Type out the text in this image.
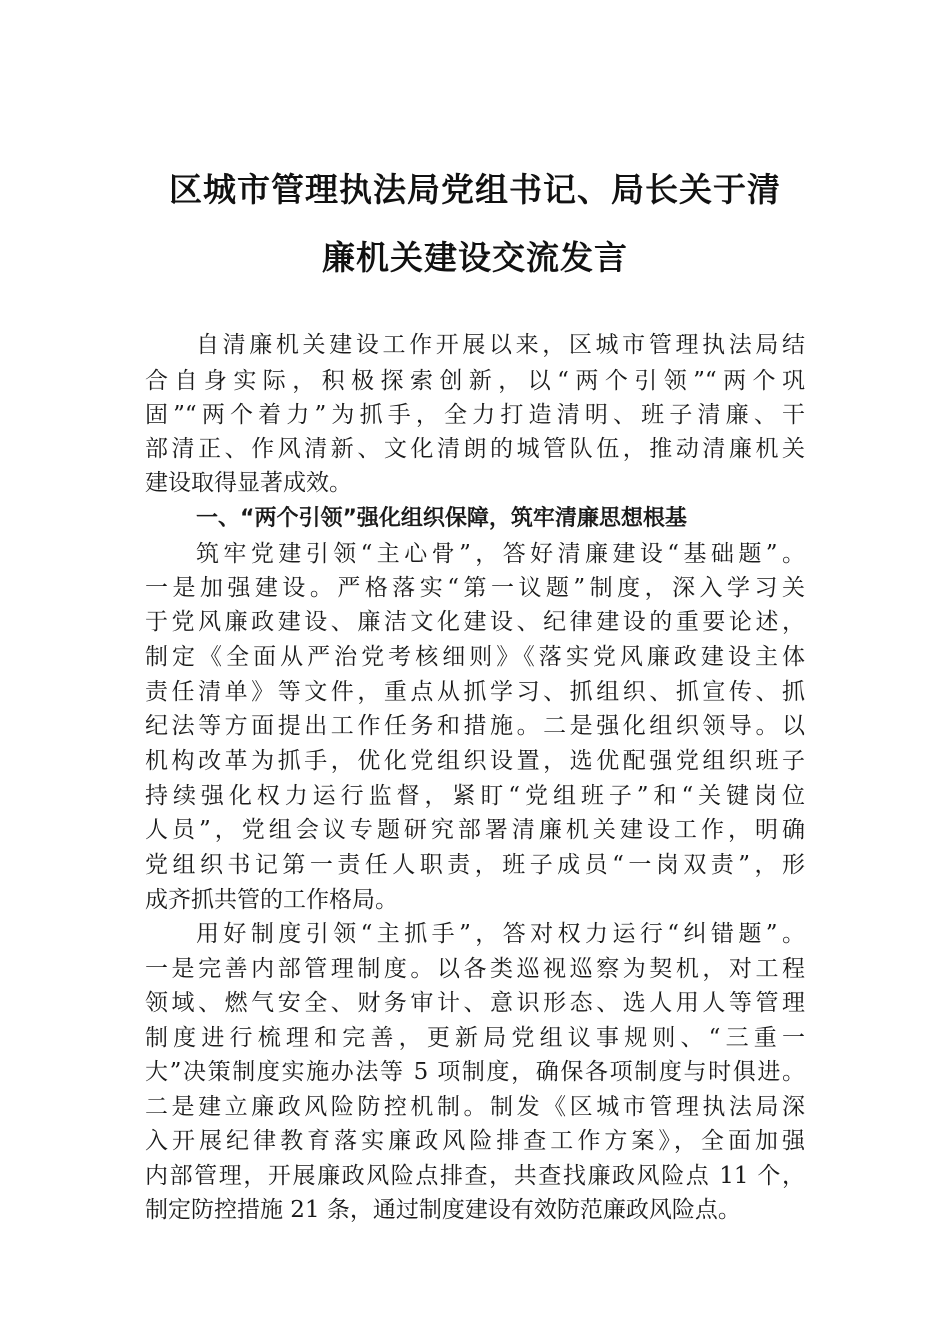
区城市管理执法局党组书记、局长关于清
廉机关建设交流发言
自清廉机关建设工作开展以来，区城市管理执法局结
合自身实际，积极探索创新，以“两个引领”“两个巩
固”“两个着力”为抓手，全力打造清明、班子清廉、干
部清正、作风清新、文化清朗的城管队伍，推动清廉机关
建设取得显著成效。
一、“两个引领”强化组织保障，筑牢清廉思想根基
筑牢党建引领“主心骨”，答好清廉建设“基础题”。
一是加强建设。严格落实“第一议题”制度，深入学习关
于党风廉政建设、廉洁文化建设、纪律建设的重要论述，
制定《全面从严治党考核细则》《落实党风廉政建设主体
责任清单》等文件，重点从抓学习、抓组织、抓宣传、抓
纪法等方面提出工作任务和措施。二是强化组织领导。以
机构改革为抓手，优化党组织设置，选优配强党组织班子
持续强化权力运行监督，紧盯“党组班子”和“关键岗位
人员”，党组会议专题研究部署清廉机关建设工作，明确
党组织书记第一责任人职责，班子成员“一岗双责”，形
成齐抓共管的工作格局。
用好制度引领“主抓手”，答对权力运行“纠错题”。
一是完善内部管理制度。以各类巡视巡察为契机，对工程
领域、燃气安全、财务审计、意识形态、选人用人等管理
制度进行梳理和完善，更新局党组议事规则、“三重一
大”决策制度实施办法等 5 项制度，确保各项制度与时俱进。
二是建立廉政风险防控机制。制发《区城市管理执法局深
入开展纪律教育落实廉政风险排查工作方案》，全面加强
内部管理，开展廉政风险点排查，共查找廉政风险点 11 个，
制定防控措施 21 条，通过制度建设有效防范廉政风险点。
